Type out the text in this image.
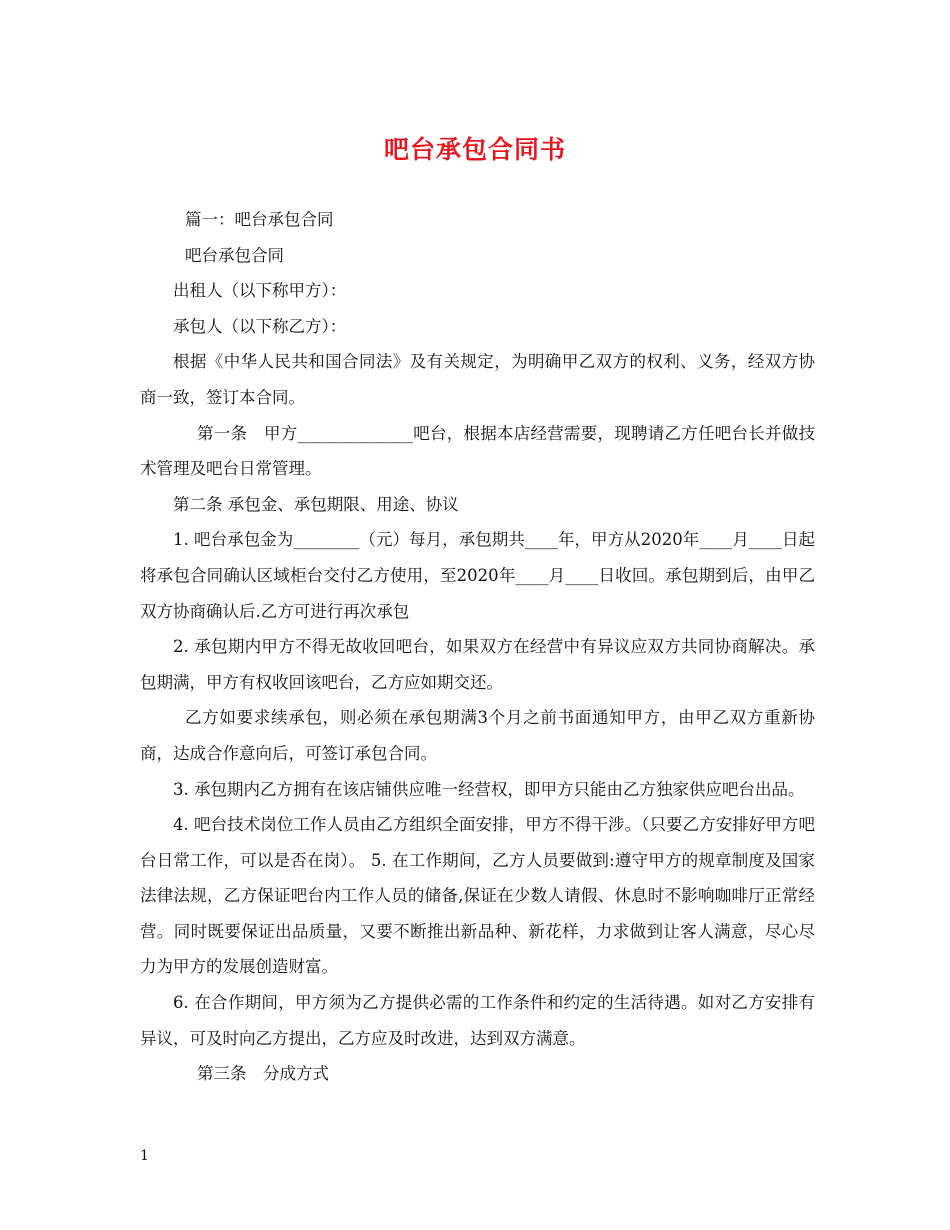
吧台承包合同书

篇一：吧台承包合同

吧台承包合同

出租人（以下称甲方）：

承包人（以下称乙方）：

根据《中华人民共和国合同法》及有关规定，为明确甲乙双方的权利、义务，经双方协商一致，签订本合同。

第一条　甲方______________吧台，根据本店经营需要，现聘请乙方任吧台长并做技术管理及吧台日常管理。

第二条 承包金、承包期限、用途、协议

1. 吧台承包金为________（元）每月，承包期共____年，甲方从2020年____月____日起将承包合同确认区域柜台交付乙方使用，至2020年____月____日收回。承包期到后，由甲乙双方协商确认后.乙方可进行再次承包

2. 承包期内甲方不得无故收回吧台，如果双方在经营中有异议应双方共同协商解决。承包期满，甲方有权收回该吧台，乙方应如期交还。

乙方如要求续承包，则必须在承包期满3个月之前书面通知甲方，由甲乙双方重新协商，达成合作意向后，可签订承包合同。

3. 承包期内乙方拥有在该店铺供应唯一经营权，即甲方只能由乙方独家供应吧台出品。

4. 吧台技术岗位工作人员由乙方组织全面安排，甲方不得干涉。（只要乙方安排好甲方吧台日常工作，可以是否在岗）。 5. 在工作期间，乙方人员要做到:遵守甲方的规章制度及国家法律法规，乙方保证吧台内工作人员的储备,保证在少数人请假、休息时不影响咖啡厅正常经营。同时既要保证出品质量，又要不断推出新品种、新花样，力求做到让客人满意，尽心尽力为甲方的发展创造财富。

6. 在合作期间，甲方须为乙方提供必需的工作条件和约定的生活待遇。如对乙方安排有异议，可及时向乙方提出，乙方应及时改进，达到双方满意。

第三条　分成方式

1
